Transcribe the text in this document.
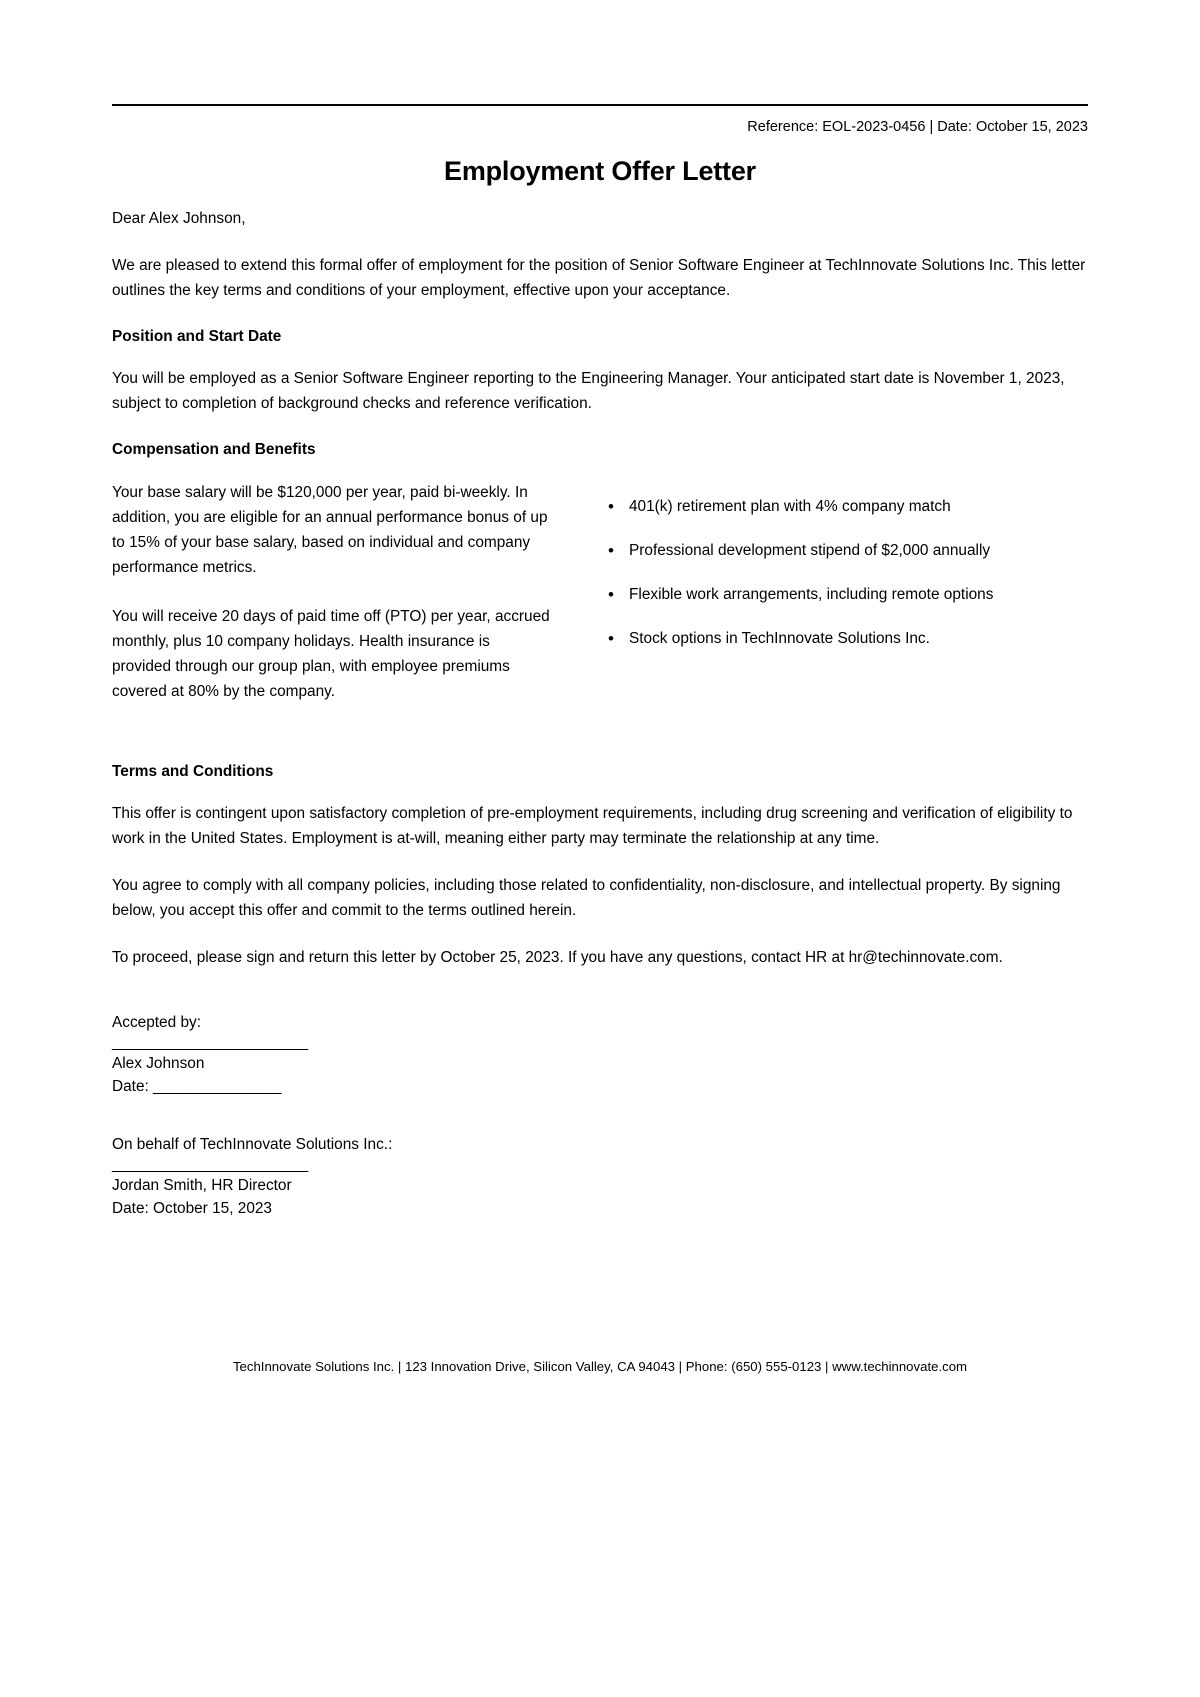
Reference: EOL-2023-0456 | Date: October 15, 2023
Employment Offer Letter

Dear Alex Johnson,

We are pleased to extend this formal offer of employment for the position of Senior Software Engineer at TechInnovate Solutions Inc. This letter outlines the key terms and conditions of your employment, effective upon your acceptance.

Position and Start Date

You will be employed as a Senior Software Engineer reporting to the Engineering Manager. Your anticipated start date is November 1, 2023, subject to completion of background checks and reference verification.

Compensation and Benefits

Your base salary will be $120,000 per year, paid bi-weekly. In addition, you are eligible for an annual performance bonus of up to 15% of your base salary, based on individual and company performance metrics.

You will receive 20 days of paid time off (PTO) per year, accrued monthly, plus 10 company holidays. Health insurance is provided through our group plan, with employee premiums covered at 80% by the company.

• 401(k) retirement plan with 4% company match
• Professional development stipend of $2,000 annually
• Flexible work arrangements, including remote options
• Stock options in TechInnovate Solutions Inc.
Terms and Conditions

This offer is contingent upon satisfactory completion of pre-employment requirements, including drug screening and verification of eligibility to work in the United States. Employment is at-will, meaning either party may terminate the relationship at any time.

You agree to comply with all company policies, including those related to confidentiality, non-disclosure, and intellectual property. By signing below, you accept this offer and commit to the terms outlined herein.

To proceed, please sign and return this letter by October 25, 2023. If you have any questions, contact HR at hr@techinnovate.com.

Accepted by:

________________________

Alex Johnson

Date: _______________

On behalf of TechInnovate Solutions Inc.:

________________________

Jordan Smith, HR Director

Date: October 15, 2023

TechInnovate Solutions Inc. | 123 Innovation Drive, Silicon Valley, CA 94043 | Phone: (650) 555-0123 | www.techinnovate.com
